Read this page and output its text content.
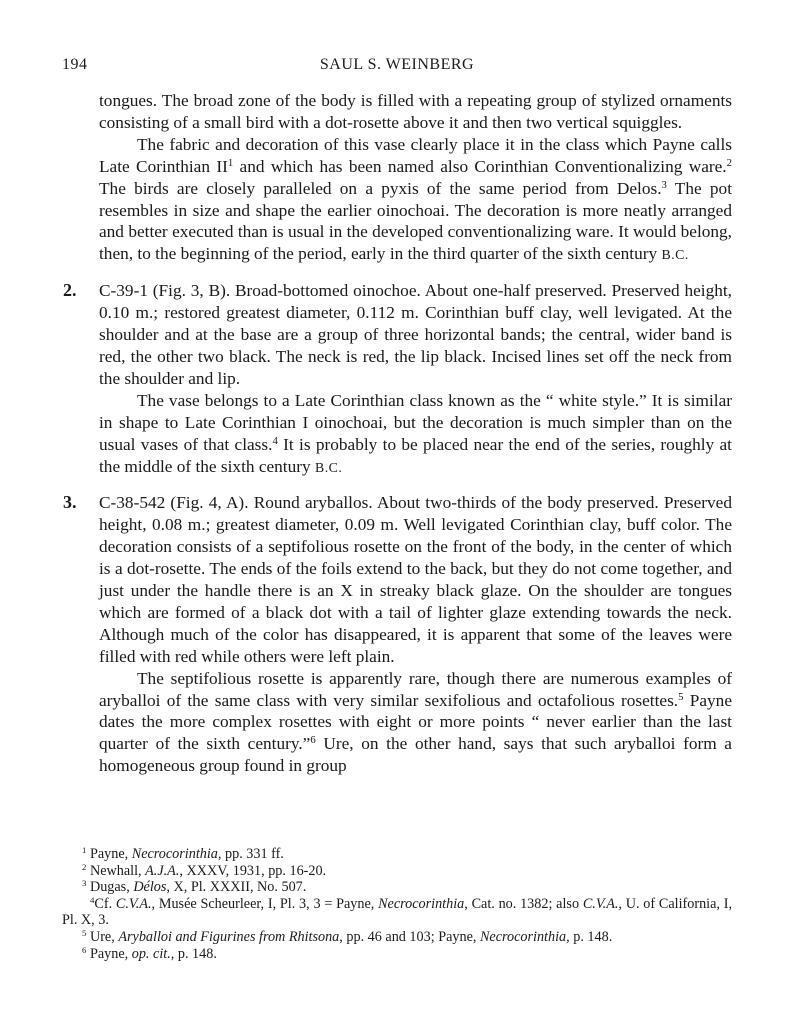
194	SAUL S. WEINBERG

tongues. The broad zone of the body is filled with a repeating group of stylized ornaments consisting of a small bird with a dot-rosette above it and then two vertical squiggles.

The fabric and decoration of this vase clearly place it in the class which Payne calls Late Corinthian $II^1$ and which has been named also Corinthian Conventionalizing ware.$^2$ The birds are closely paralleled on a pyxis of the same period from Delos.$^3$ The pot resembles in size and shape the earlier oinochoai. The decoration is more neatly arranged and better executed than is usual in the developed conventionalizing ware. It would belong, then, to the beginning of the period, early in the third quarter of the sixth century B.C.

2. C-39-1 (Fig. 3, B). Broad-bottomed oinochoe. About one-half preserved. Preserved height, 0.10 m.; restored greatest diameter, 0.112 m. Corinthian buff clay, well levigated. At the shoulder and at the base are a group of three horizontal bands; the central, wider band is red, the other two black. The neck is red, the lip black. Incised lines set off the neck from the shoulder and lip.

The vase belongs to a Late Corinthian class known as the “ white style.” It is similar in shape to Late Corinthian I oinochoai, but the decoration is much simpler than on the usual vases of that class.$^4$ It is probably to be placed near the end of the series, roughly at the middle of the sixth century B.C.

3. C-38-542 (Fig. 4, A). Round aryballos. About two-thirds of the body preserved. Preserved height, 0.08 m.; greatest diameter, 0.09 m. Well levigated Corinthian clay, buff color. The decoration consists of a septifolious rosette on the front of the body, in the center of which is a dot-rosette. The ends of the foils extend to the back, but they do not come together, and just under the handle there is an X in streaky black glaze. On the shoulder are tongues which are formed of a black dot with a tail of lighter glaze extending towards the neck. Although much of the color has disappeared, it is apparent that some of the leaves were filled with red while others were left plain.

The septifolious rosette is apparently rare, though there are numerous examples of aryballoi of the same class with very similar sexifolious and octafolious rosettes.$^5$ Payne dates the more complex rosettes with eight or more points “ never earlier than the last quarter of the sixth century.”$^6$ Ure, on the other hand, says that such aryballoi form a homogeneous group found in group

$^1$ Payne, Necrocorinthia, pp. 331 ff.

$^2$ Newhall, A.J.A., XXXV, 1931, pp. 16-20.

$^3$ Dugas, Délos, X, Pl. XXXII, No. 507.

$^4$Cf. C.V.A., Musée Scheurleer, I, Pl. 3, 3 = Payne, Necrocorinthia, Cat. no. 1382; also C.V.A., U. of California, I, Pl. X, 3.

$^5$ Ure, Aryballoi and Figurines from Rhitsona, pp. 46 and 103; Payne, Necrocorinthia, p. 148.

$^6$ Payne, op. cit., p. 148.
